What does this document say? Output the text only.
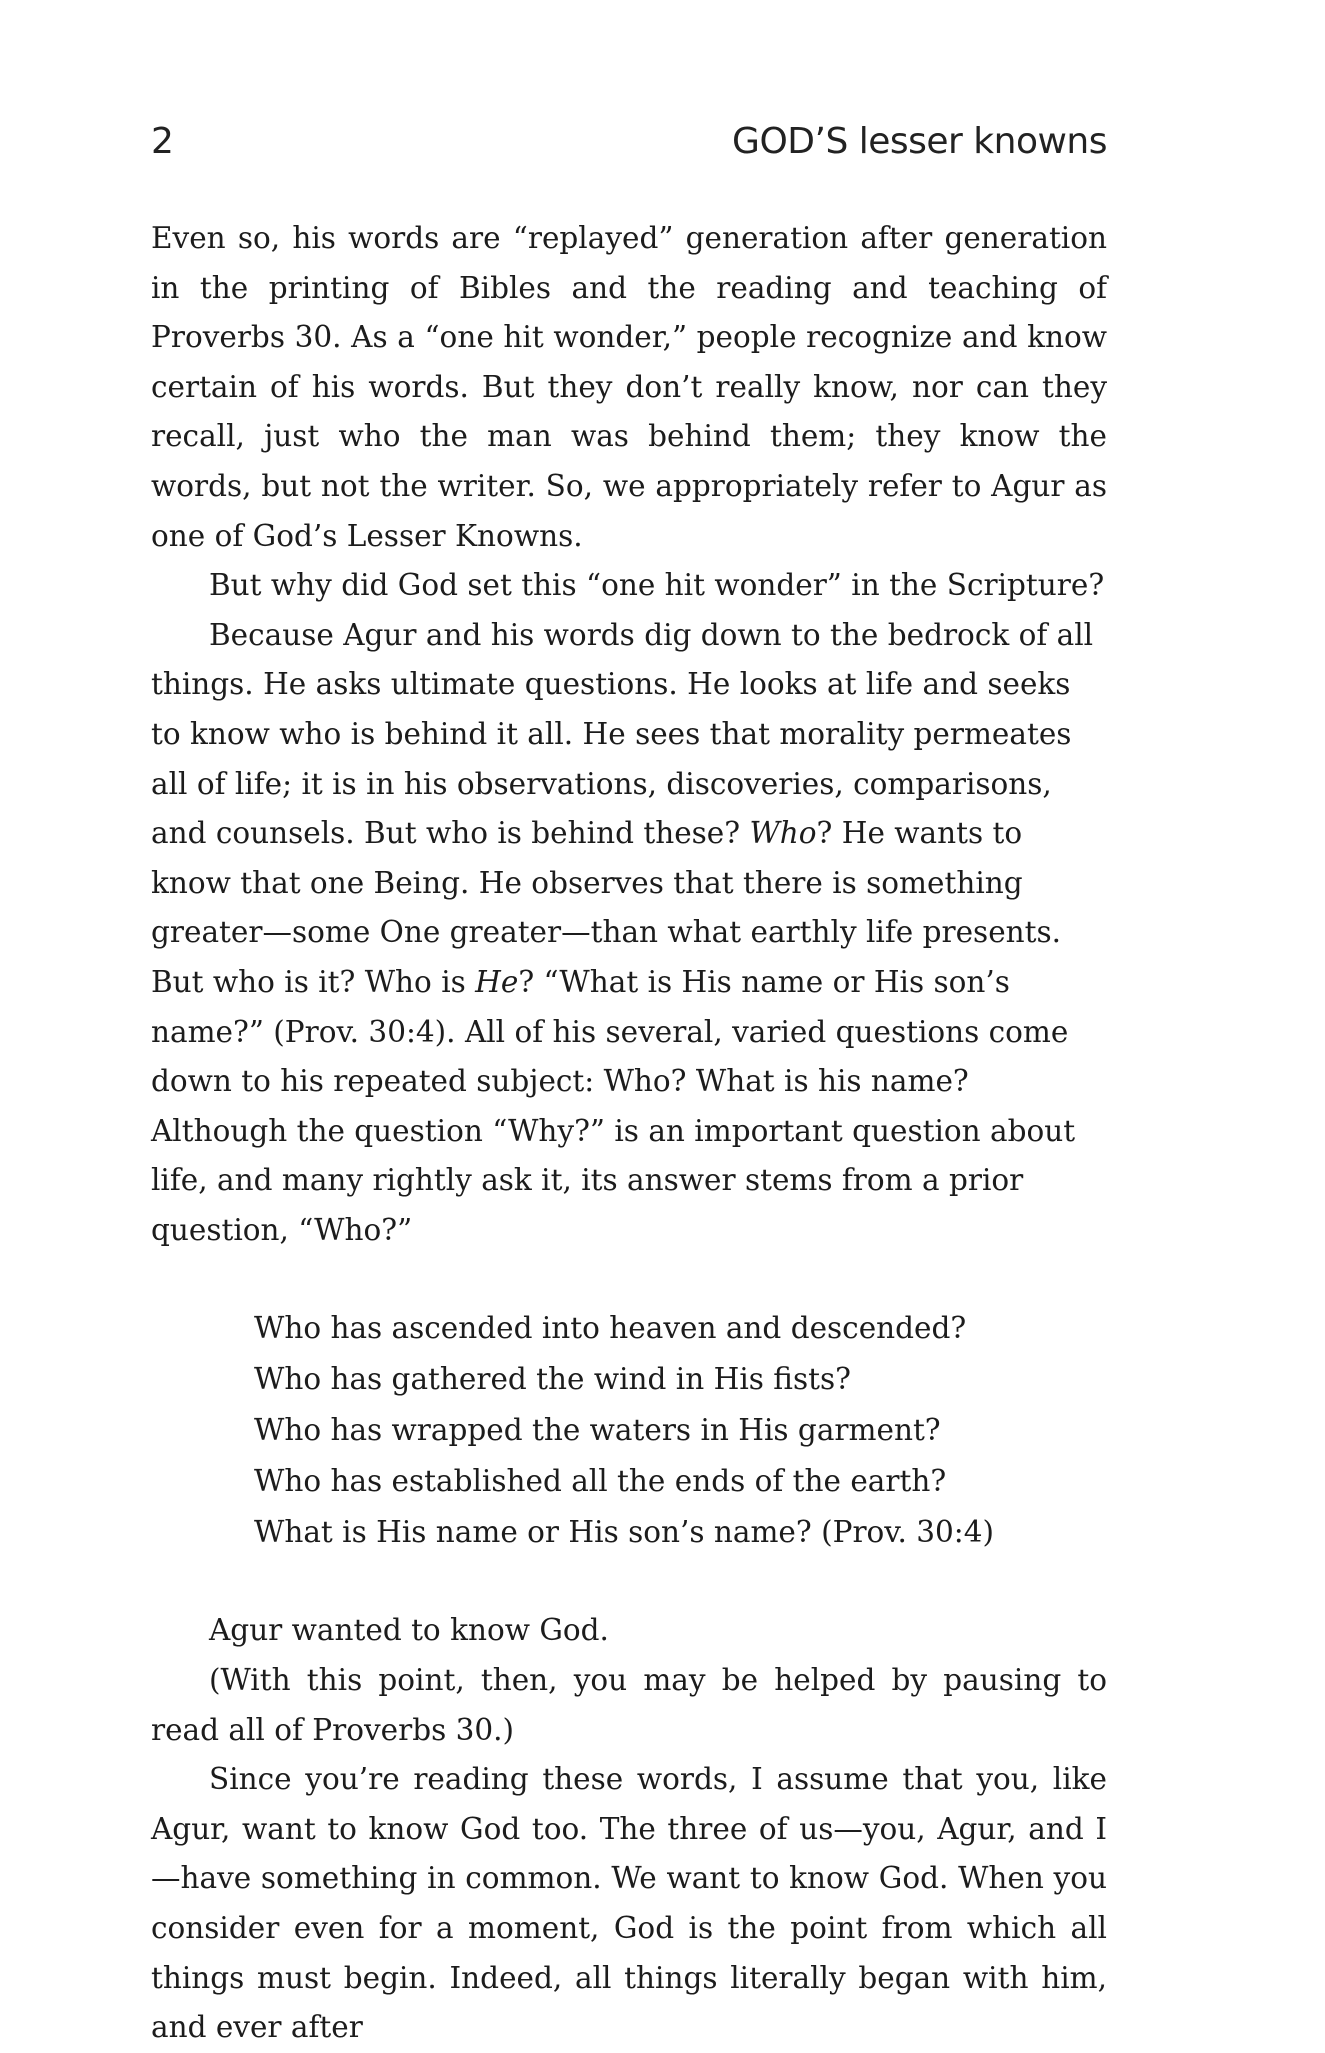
2	GOD’S lesser knowns

Even so, his words are “replayed” generation after generation in the printing of Bibles and the reading and teaching of Proverbs 30. As a “one hit wonder,” people recognize and know certain of his words. But they don’t really know, nor can they recall, just who the man was behind them; they know the words, but not the writer. So, we appropriately refer to Agur as one of God’s Lesser Knowns.

But why did God set this “one hit wonder” in the Scripture?

Because Agur and his words dig down to the bedrock of all things. He asks ultimate questions. He looks at life and seeks to know who is behind it all. He sees that morality permeates all of life; it is in his observations, discoveries, comparisons, and counsels. But who is behind these? Who? He wants to know that one Being. He observes that there is something greater—some One greater—than what earthly life presents. But who is it? Who is He? “What is His name or His son’s name?” (Prov. 30:4). All of his several, varied questions come down to his repeated subject: Who? What is his name? Although the question “Why?” is an important question about life, and many rightly ask it, its answer stems from a prior question, “Who?”

Who has ascended into heaven and descended?
Who has gathered the wind in His fists?
Who has wrapped the waters in His garment?
Who has established all the ends of the earth?
What is His name or His son’s name? (Prov. 30:4)

Agur wanted to know God.

(With this point, then, you may be helped by pausing to read all of Proverbs 30.)

Since you’re reading these words, I assume that you, like Agur, want to know God too. The three of us—you, Agur, and I—have something in common. We want to know God. When you consider even for a moment, God is the point from which all things must begin. Indeed, all things literally began with him, and ever after
